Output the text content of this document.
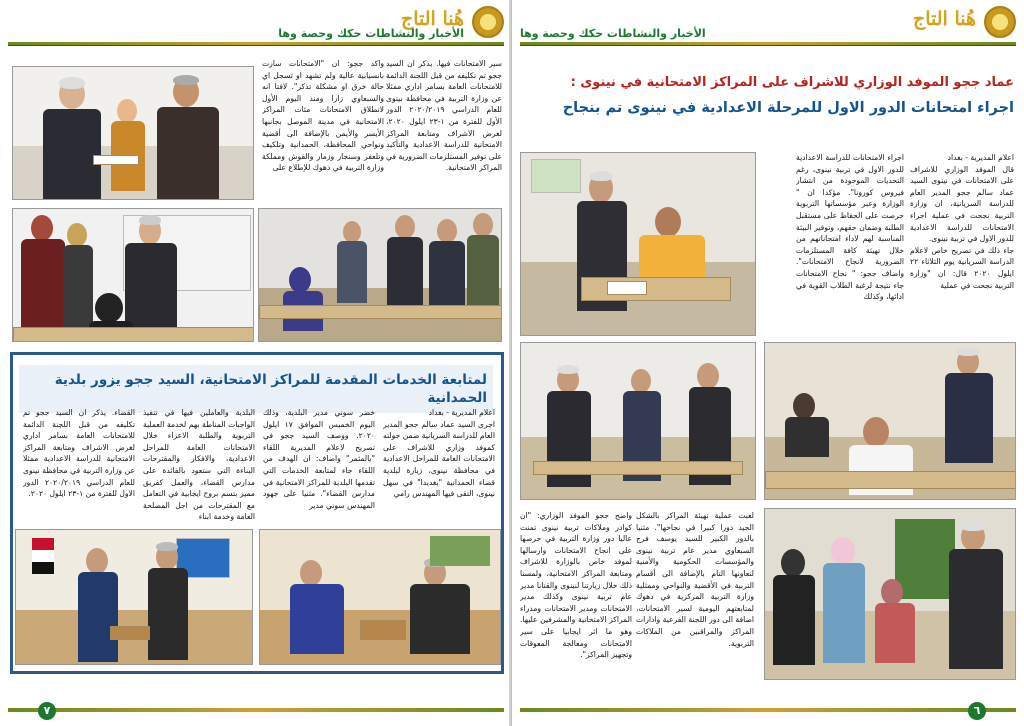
هُنا التاج
الأخبار والنشاطات حكك وحصة وها
واكد ججو: ان "الامتحانات سارت بانسيابية عالية ولم تشهد او تسجل اي حالة خرق او مشكلة تذكر". لافتا انه والسبعاوي زارا ومنذ اليوم الأول لانطلاق الامتحانات مئات المراكز الامتحانية في مدينة الموصل بجانبها الأيسر والأيمن بالإضافة الى أقضية ونواحي المحافظة، الحمدانية وتلكيف وتلعفر وسنجار وزمار والقوش ومملكة وزارة التربية في دهوك للإطلاع على
سير الامتحانات فيها. يذكر ان السيد ججو تم تكليفه من قبل اللجنة الدائمة للامتحانات العامة بسامر اداري ممثلا عن وزارة التربية في محافظة نينوى للعام الدراسي ٢٠٢٠/٢٠١٩ الدور الأول للفترة من ١-٢٣ ايلول ٢٠٢٠، لغرض الاشراف ومتابعة المراكز الامتحانية للدراسة الاعدادية والتأكيد على توفير المستلزمات الضرورية في المراكز الامتحانية.
لمتابعة الخدمات المقدمة للمراكز الامتحانية، السيد ججو يزور بلدية الحمدانية
اعلام المديرية - بغداد
اجرى السيد عماد سالم ججو المدير العام للدراسة السريانية ضمن جولته كموفد وزاري للاشراف على الامتحانات العامة للمراحل الاعدادية في محافظة نينوى، زيارة لبلدية قضاء الحمدانية "بغديدا" في سهل نينوى، التقى فيها المهندس رامي
خضر سوني مدير البلدية، وذلك اليوم الخميس الموافق ١٧ ايلول ٢٠٢٠. ووصف السيد ججو في تصريح لاعلام المديرية اللقاء "بالمثمر" واضاف: ان الهدف من اللقاء جاء لمتابعة الخدمات التي تقدمها البلدية للمراكز الامتحانية في مدارس القضاء". مثنيا على جهود المهندس سوني مدير
البلدية والعاملين فيها في تنفيذ الواجبات المناطة بهم لخدمة العملية التربوية والطلبة الاعزاء خلال الامتحانات العامة للمراحل الاعدادية، والافكار والمقترحات البناءة التي ستعود بالفائدة على مدارس القضاء، والعمل كفريق مميز بتسم بروح ايجابية في التعامل مع المقترحات من اجل المصلحة العامة وخدمة ابناء
القضاء. يذكر ان السيد ججو تم تكليفه من قبل اللجنة الدائمة للامتحانات العامة بسامر اداري لغرض الاشراف ومتابعة المراكز الامتحانية للدراسة الاعدادية ممثلا عن وزارة التربية في محافظة نينوى للعام الدراسي ٢٠٢٠/٢٠١٩ الدور الاول للفترة من ١-٢٣ ايلول ٢٠٢٠.
٧
هُنا التاج
الأخبار والنشاطات حكك وحصة وها
عماد ججو الموفد الوزاري للاشراف على المراكز الامتحانية في نينوى :
اجراء امتحانات الدور الاول للمرحلة الاعدادية في نينوى تم بنجاح
اعلام المديرية - بغداد
قال الموفد الوزاري للاشراف على الامتحانات في نينوى السيد عماد سالم ججو المدير العام للدراسة السريانية، ان وزارة التربية نجحت في عملية اجراء الامتحانات للدراسة الاعدادية للدور الاول في تربية نينوى.
جاء ذلك في تصريح خاص لاعلام الدراسة السريانية يوم الثلاثاء ٢٢ ايلول ٢٠٢٠ قال: ان "وزارة التربية نجحت في عملية
اجراء الامتحانات للدراسة الاعدادية للدور الاول في تربية نينوى، رغم التحديات الموجودة من انتشار فيروس كورونا". مؤكدا ان " الوزارة وعبر مؤسساتها التربوية حرصت على الحفاظ على مستقبل الطلبة وضمان حقهم، وتوفير البيئة المناسبة لهم لاداء امتحاناتهم من خلال تهيئة كافة المستلزمات الضرورية لانجاح الامتحانات". واضاف ججو: " نجاح الامتحانات جاء نتيجة لرغبة الطلاب القوية في ادائها، وكذلك
واضح ججو الموفد الوزاري: "ان كوادر وملاكات تربية نينوى تمنت عاليا دور وزارة التربية في حرصها على انجاح الامتحانات وارسالها لموفد خاص بالوزارة للاشراف ومتابعة المراكز الامتحانية، ولمسنا ذلك خلال زيارتنا لنينوى والقنانا مدير عام تربية نينوى وكذلك مدير الامتحانات ومدير الامتحانات ومدراء المراكز الامتحانية والمشرفين عليها. وهو ما اثر ايجابيا على سير الامتحانات ومعالجة المعوقات وتجهيز المراكز".
لعبت عملية تهيئة المراكز بالشكل الجيد دورا كبيرا في نجاحها". مثنيا بالدور الكبير للسيد يوسف فرج السبعاوي مدير عام تربية نينوى والمؤسسات الحكومية والأمنية لتعاونها التام بالإضافة الى أقسام التربية في الأقضية والنواحي وممثلية وزارة التربية المركزية في دهوك لمتابعتهم اليومية لسير الامتحانات، اضافة الى دور اللجنة الفرعية وادارات المراكز والمراقبين من الملاكات التربوية.
٦
